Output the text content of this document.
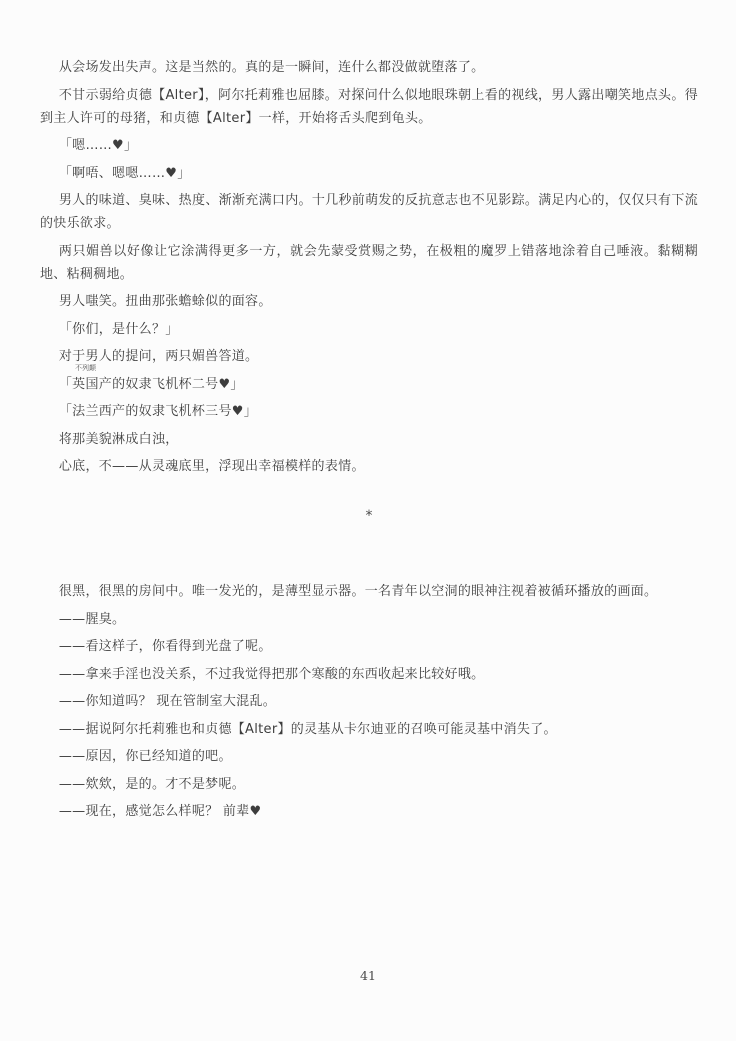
从会场发出失声。这是当然的。真的是一瞬间，连什么都没做就堕落了。

不甘示弱给贞德【Alter】，阿尔托莉雅也屈膝。对探问什么似地眼珠朝上看的视线，男人露出嘲笑地点头。得到主人许可的母猪，和贞德【Alter】一样，开始将舌头爬到龟头。

「嗯……♥」

「啊唔、嗯嗯……♥」

男人的味道、臭味、热度、渐渐充满口内。十几秒前萌发的反抗意志也不见影踪。满足内心的，仅仅只有下流的快乐欲求。

两只媚兽以好像让它涂满得更多一方，就会先蒙受赏赐之势，在极粗的魔罗上错落地涂着自己唾液。黏糊糊地、粘稠稠地。

男人嗤笑。扭曲那张蟾蜍似的面容。

「你们，是什么？」

对于男人的提问，两只媚兽答道。

「
不列颠
英国产的奴隶飞机杯二号♥」

「法兰西产的奴隶飞机杯三号♥」

将那美貌淋成白浊，

心底，不——从灵魂底里，浮现出幸福模样的表情。

*

很黑，很黑的房间中。唯一发光的，是薄型显示器。一名青年以空洞的眼神注视着被循环播放的画面。

——腥臭。

——看这样子，你看得到光盘了呢。

——拿来手淫也没关系，不过我觉得把那个寒酸的东西收起来比较好哦。

——你知道吗？ 现在管制室大混乱。

——据说阿尔托莉雅也和贞德【Alter】的灵基从卡尔迪亚的召唤可能灵基中消失了。

——原因，你已经知道的吧。

——欸欸，是的。才不是梦呢。

——现在，感觉怎么样呢？ 前辈♥

41
